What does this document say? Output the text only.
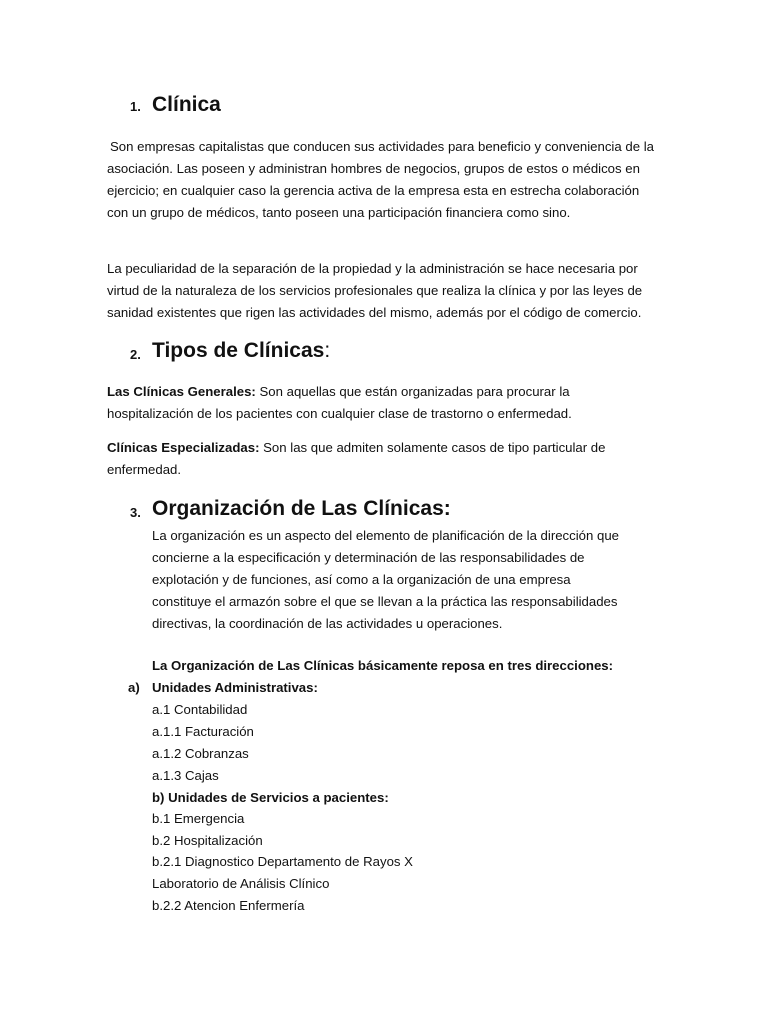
1. Clínica

Son empresas capitalistas que conducen sus actividades para beneficio y conveniencia de la asociación. Las poseen y administran hombres de negocios, grupos de estos o médicos en ejercicio; en cualquier caso la gerencia activa de la empresa esta en estrecha colaboración con un grupo de médicos, tanto poseen una participación financiera como sino.

La peculiaridad de la separación de la propiedad y la administración se hace necesaria por virtud de la naturaleza de los servicios profesionales que realiza la clínica y por las leyes de sanidad existentes que rigen las actividades del mismo, además por el código de comercio.

2. Tipos de Clínicas:

Las Clínicas Generales: Son aquellas que están organizadas para procurar la hospitalización de los pacientes con cualquier clase de trastorno o enfermedad.

Clínicas Especializadas: Son las que admiten solamente casos de tipo particular de enfermedad.

3. Organización de Las Clínicas:

La organización es un aspecto del elemento de planificación de la dirección que concierne a la especificación y determinación de las responsabilidades de explotación y de funciones, así como a la organización de una empresa constituye el armazón sobre el que se llevan a la práctica las responsabilidades directivas, la coordinación de las actividades u operaciones.

La Organización de Las Clínicas básicamente reposa en tres direcciones:
a) Unidades Administrativas:
a.1 Contabilidad
a.1.1 Facturación
a.1.2 Cobranzas
a.1.3 Cajas
b) Unidades de Servicios a pacientes:
b.1 Emergencia
b.2 Hospitalización
b.2.1 Diagnostico Departamento de Rayos X
Laboratorio de Análisis Clínico
b.2.2 Atencion Enfermería
